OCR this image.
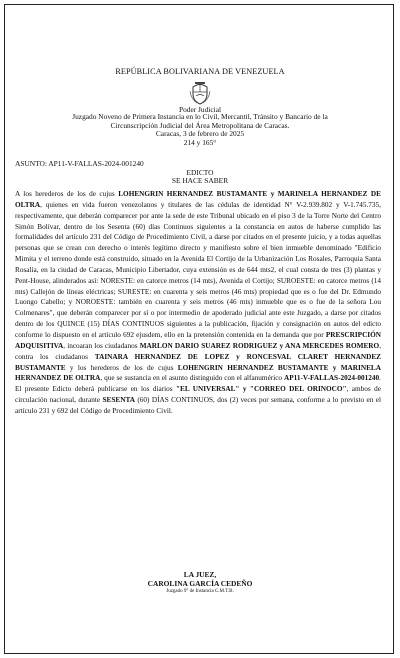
REPÚBLICA BOLIVARIANA DE VENEZUELA
Poder Judicial
Juzgado Noveno de Primera Instancia en lo Civil, Mercantil, Tránsito y Bancario de la
Circunscripción Judicial del Área Metropolitana de Caracas.
Caracas, 3 de febrero de 2025
214 y 165°
ASUNTO: AP11-V-FALLAS-2024-001240
EDICTO
SE HACE SABER
A los herederos de los de cujus LOHENGRIN HERNANDEZ BUSTAMANTE y MARINELA HERNANDEZ DE OLTRA, quienes en vida fueron venezolanos y titulares de las cédulas de identidad N° V-2.939.802 y V-1.745.735, respectivamente, que deberán comparecer por ante la sede de este Tribunal ubicado en el piso 3 de la Torre Norte del Centro Simón Bolívar, dentro de los Sesenta (60) días Continuos siguientes a la constancia en autos de haberse cumplido las formalidades del artículo 231 del Código de Procedimiento Civil, a darse por citados en el presente juicio, y a todas aquellas personas que se crean con derecho o interés legítimo directo y manifiesto sobre el bien inmueble denominado "Edificio Mimita y el terreno donde está construido, situado en la Avenida El Cortijo de la Urbanización Los Rosales, Parroquia Santa Rosalía, en la ciudad de Caracas, Municipio Libertador, cuya extensión es de 644 mts2, el cual consta de tres (3) plantas y Pent-House, alinderados así: NORESTE: en catorce metros (14 mts), Avenida el Cortijo; SUROESTE: en catorce metros (14 mts) Callejón de líneas eléctricas; SURESTE: en cuarenta y seis metros (46 mts) propiedad que es o fue del Dr. Edmundo Luongo Cabello; y NOROESTE: también en cuarenta y seis metros (46 mts) inmueble que es o fue de la señora Lou Colmenares", que deberán comparecer por sí o por intermedio de apoderado judicial ante este Juzgado, a darse por citados dentro de los QUINCE (15) DÍAS CONTINUOS siguientes a la publicación, fijación y consignación en autos del edicto conforme lo dispuesto en el artículo 692 ejusdem, ello en la pretensión contenida en la demanda que por PRESCRIPCIÓN ADQUISITIVA, incoaran los ciudadanos MARLON DARIO SUAREZ RODRIGUEZ y ANA MERCEDES ROMERO, contra los ciudadanos TAINARA HERNANDEZ DE LOPEZ y RONCESVAL CLARET HERNANDEZ BUSTAMANTE y los herederos de los de cujus LOHENGRIN HERNANDEZ BUSTAMANTE y MARINELA HERNANDEZ DE OLTRA, que se sustancia en el asunto distinguido con el alfanumérico AP11-V-FALLAS-2024-001240. El presente Edicto deberá publicarse en los diarios "EL UNIVERSAL" y "CORREO DEL ORINOCO", ambos de circulación nacional, durante SESENTA (60) DÍAS CONTINUOS, dos (2) veces por semana, conforme a lo previsto en el artículo 231 y 692 del Código de Procedimiento Civil.
LA JUEZ,
CAROLINA GARCÍA CEDEÑO
Juzgado 9° de Instancia C.M.T.B.
